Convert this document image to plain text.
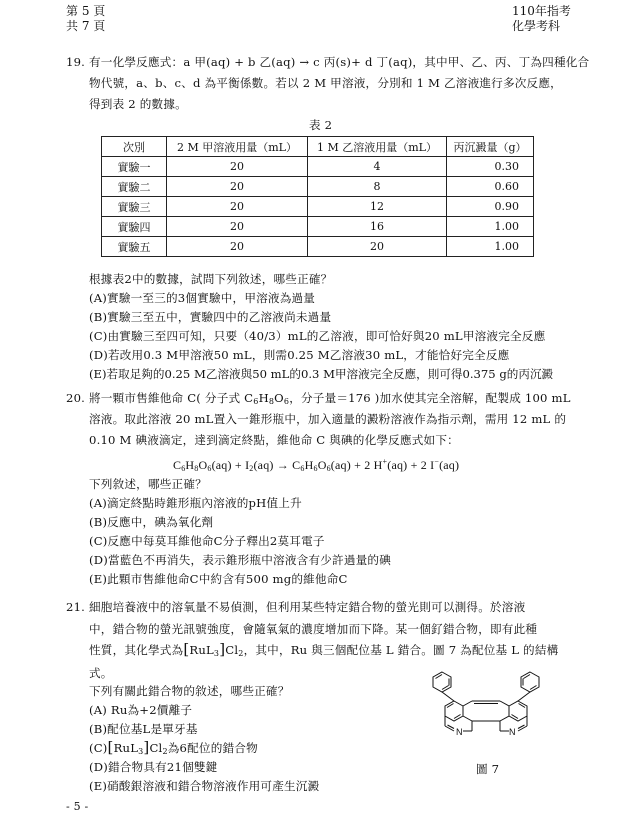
第 5 頁
共 7 頁
110年指考
化學考科
19. 有一化學反應式：a 甲(aq) + b 乙(aq) → c 丙(s)+ d 丁(aq)，其中甲、乙、丙、丁為四種化合
物代號，a、b、c、d 為平衡係數。若以 2 M 甲溶液，分別和 1 M 乙溶液進行多次反應，
得到表 2 的數據。
表 2
次別	2 M 甲溶液用量（mL）	1 M 乙溶液用量（mL）	丙沉澱量（g）
實驗一	20	4	0.30
實驗二	20	8	0.60
實驗三	20	12	0.90
實驗四	20	16	1.00
實驗五	20	20	1.00
根據表2中的數據，試問下列敘述，哪些正確？
(A)實驗一至三的3個實驗中，甲溶液為過量
(B)實驗三至五中，實驗四中的乙溶液尚未過量
(C)由實驗三至四可知，只要（40/3）mL的乙溶液，即可恰好與20 mL甲溶液完全反應
(D)若改用0.3 M甲溶液50 mL，則需0.25 M乙溶液30 mL，才能恰好完全反應
(E)若取足夠的0.25 M乙溶液與50 mL的0.3 M甲溶液完全反應，則可得0.375 g的丙沉澱
20. 將一顆市售維他命 C( 分子式 $C_6H_8O_6$，分子量＝176 )加水使其完全溶解，配製成 100 mL
溶液。取此溶液 20 mL置入一錐形瓶中，加入適量的澱粉溶液作為指示劑，需用 12 mL 的
0.10 M 碘液滴定，達到滴定終點，維他命 C 與碘的化學反應式如下：
$C_6H_8O_6(aq) + I_2(aq) \to C_6H_6O_6(aq) + 2$ H+(aq) + 2 I−(aq)
下列敘述，哪些正確？
(A)滴定終點時錐形瓶內溶液的pH值上升
(B)反應中，碘為氧化劑
(C)反應中每莫耳維他命C分子釋出2莫耳電子
(D)當藍色不再消失，表示錐形瓶中溶液含有少許過量的碘
(E)此顆市售維他命C中約含有500 mg的維他命C
21. 細胞培養液中的溶氧量不易偵測，但利用某些特定錯合物的螢光則可以測得。於溶液
中，錯合物的螢光訊號強度，會隨氧氣的濃度增加而下降。某一個釕錯合物，即有此種
性質，其化學式為$[RuL_3]Cl_2$，其中，Ru 與三個配位基 L 錯合。圖 7 為配位基 L 的結構
式。
下列有關此錯合物的敘述，哪些正確？
(A) Ru為+2價離子
(B)配位基L是單牙基
$(C)[RuL_3]Cl_2$為6配位的錯合物
(D)錯合物具有21個雙鍵
(E)硝酸銀溶液和錯合物溶液作用可產生沉澱
N	N
圖 7
- 5 -
